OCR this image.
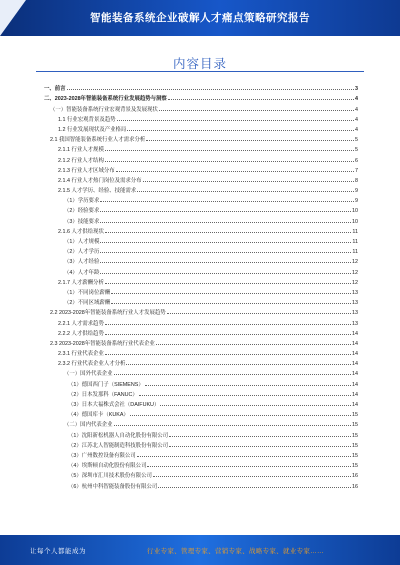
智能装备系统企业破解人才痛点策略研究报告
内容目录
一、前言	3
二、2023-2028年智能装备系统行业发展趋势与洞察	4
（一）智能装备系统行业宏观背景及发展现状	4
1.1 行业宏观背景及趋势	4
1.2 行业发展现状及产业格局	4
2.1 我国智能装备系统行业人才需求分析	5
2.1.1 行业人才规模	5
2.1.2 行业人才结构	6
2.1.3 行业人才区域分布	7
2.1.4 行业人才热门岗位及需求分布	8
2.1.5 人才学历、经验、技能需求	9
（1）学历要求	9
（2）经验要求	10
（3）技能要求	10
2.1.6 人才供给现状	11
（1）人才规模	11
（2）人才学历	11
（3）人才经验	12
（4）人才年龄	12
2.1.7 人才薪酬分析	12
（1）不同岗位薪酬	13
（2）不同区域薪酬	13
2.2 2023-2028年智能装备系统行业人才发展趋势	13
2.2.1 人才需求趋势	13
2.2.2 人才供给趋势	14
2.3 2023-2028年智能装备系统行业代表企业	14
2.3.1 行业代表企业	14
2.3.2 行业代表企业人才分析	14
（一）国外代表企业	14
（1）德国西门子（SIEMENS）	14
（2）日本发那科（FANUC）	14
（3）日本大福株式会社（DAIFUKU）	14
（4）德国库卡（KUKA）	15
（二）国内代表企业	15
（1）沈阳新松机器人自动化股份有限公司	15
（2）江苏北人智能制造科技股份有限公司	15
（3）广州数控设备有限公司	15
（4）埃斯顿自动化股份有限公司	15
（5）深圳市汇川技术股份有限公司	16
（6）杭州中科智能装备股份有限公司	16
让每个人都能成为	行业专家、管理专家、营销专家、战略专家、就业专家……
